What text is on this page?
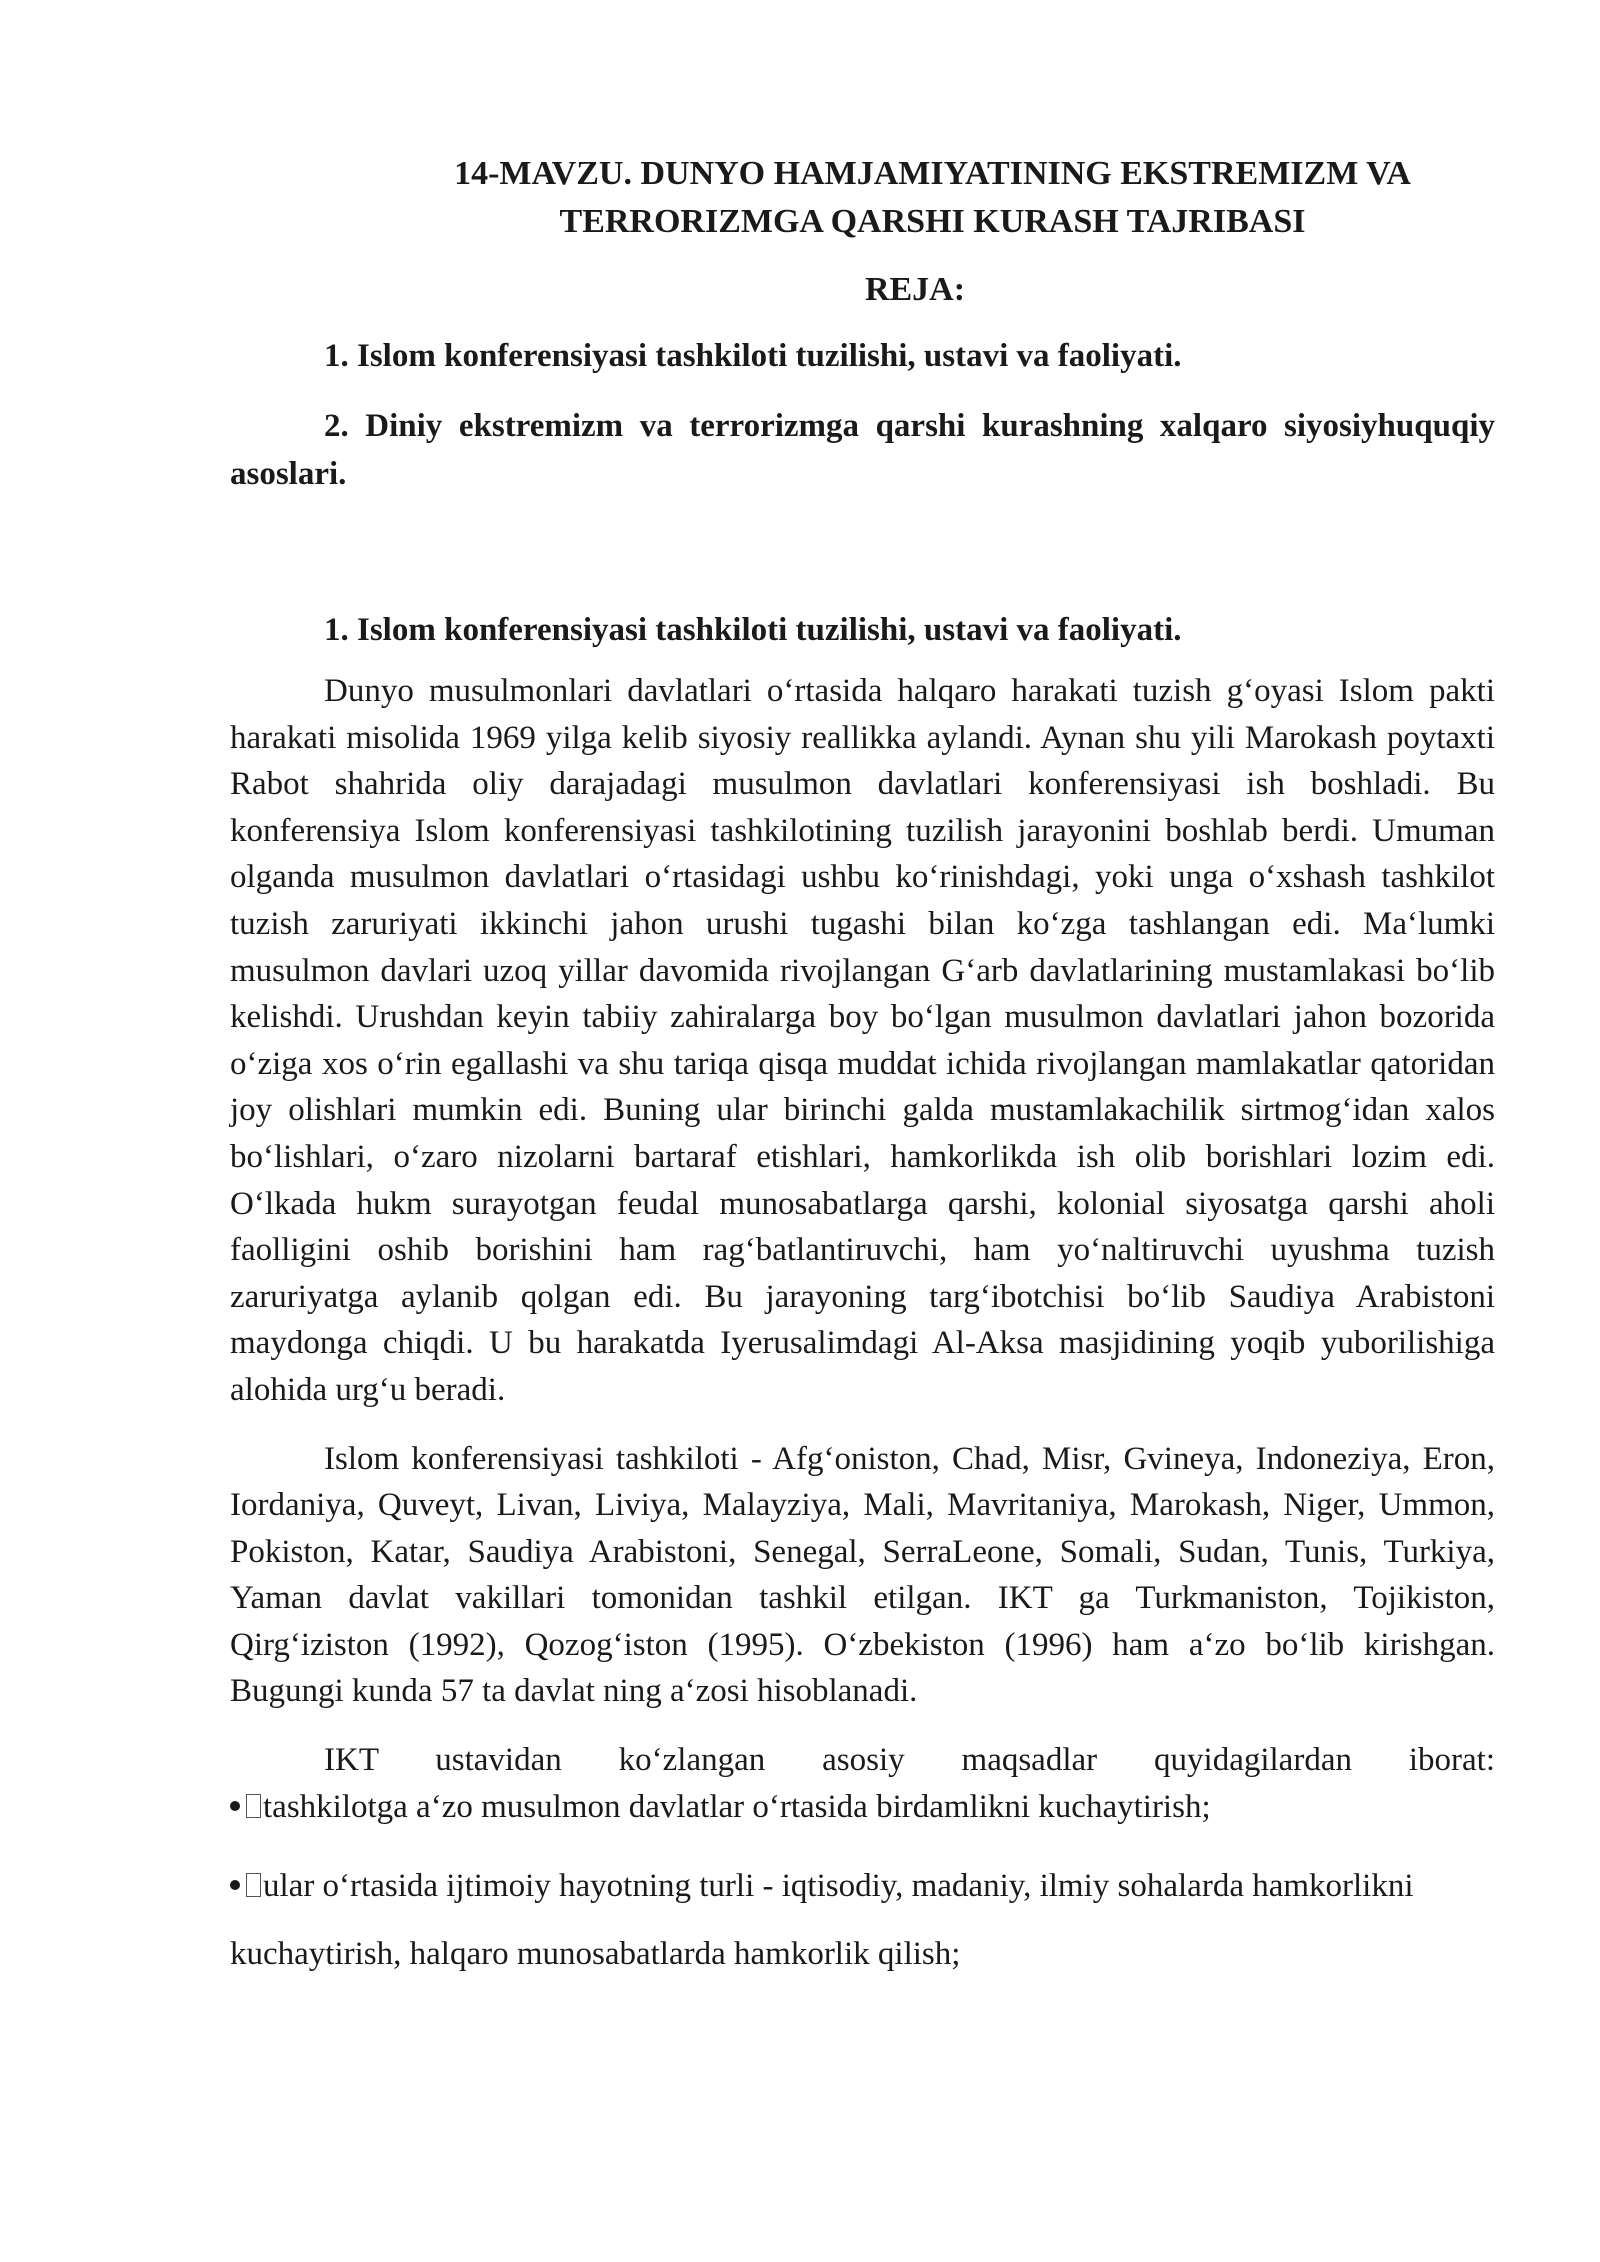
14-MAVZU. DUNYO HAMJAMIYATINING EKSTREMIZM VA
TERRORIZMGA QARSHI KURASH TAJRIBASI
REJA:

1. Islom konferensiyasi tashkiloti tuzilishi, ustavi va faoliyati.

2. Diniy ekstremizm va terrorizmga qarshi kurashning xalqaro siyosiyhuquqiy asoslari.

1. Islom konferensiyasi tashkiloti tuzilishi, ustavi va faoliyati.

Dunyo musulmonlari davlatlari o‘rtasida halqaro harakati tuzish g‘oyasi Islom pakti harakati misolida 1969 yilga kelib siyosiy reallikka aylandi. Aynan shu yili Marokash poytaxti Rabot shahrida oliy darajadagi musulmon davlatlari konferensiyasi ish boshladi. Bu konferensiya Islom konferensiyasi tashkilotining tuzilish jarayonini boshlab berdi. Umuman olganda musulmon davlatlari o‘rtasidagi ushbu ko‘rinishdagi, yoki unga o‘xshash tashkilot tuzish zaruriyati ikkinchi jahon urushi tugashi bilan ko‘zga tashlangan edi. Ma‘lumki musulmon davlari uzoq yillar davomida rivojlangan G‘arb davlatlarining mustamlakasi bo‘lib kelishdi. Urushdan keyin tabiiy zahiralarga boy bo‘lgan musulmon davlatlari jahon bozorida o‘ziga xos o‘rin egallashi va shu tariqa qisqa muddat ichida rivojlangan mamlakatlar qatoridan joy olishlari mumkin edi. Buning ular birinchi galda mustamlakachilik sirtmog‘idan xalos bo‘lishlari, o‘zaro nizolarni bartaraf etishlari, hamkorlikda ish olib borishlari lozim edi. O‘lkada hukm surayotgan feudal munosabatlarga qarshi, kolonial siyosatga qarshi aholi faolligini oshib borishini ham rag‘batlantiruvchi, ham yo‘naltiruvchi uyushma tuzish zaruriyatga aylanib qolgan edi. Bu jarayoning targ‘ibotchisi bo‘lib Saudiya Arabistoni maydonga chiqdi. U bu harakatda Iyerusalimdagi Al-Aksa masjidining yoqib yuborilishiga alohida urg‘u beradi.

Islom konferensiyasi tashkiloti - Afg‘oniston, Chad, Misr, Gvineya, Indoneziya, Eron, Iordaniya, Quveyt, Livan, Liviya, Malayziya, Mali, Mavritaniya, Marokash, Niger, Ummon, Pokiston, Katar, Saudiya Arabistoni, Senegal, SerraLeone, Somali, Sudan, Tunis, Turkiya, Yaman davlat vakillari tomonidan tashkil etilgan. IKT ga Turkmaniston, Tojikiston, Qirg‘iziston (1992), Qozog‘iston (1995). O‘zbekiston (1996) ham a‘zo bo‘lib kirishgan. Bugungi kunda 57 ta davlat ning a‘zosi hisoblanadi.

IKT ustavidan ko‘zlangan asosiy maqsadlar quyidagilardan iborat:

tashkilotga a‘zo musulmon davlatlar o‘rtasida birdamlikni kuchaytirish;

ular o‘rtasida ijtimoiy hayotning turli - iqtisodiy, madaniy, ilmiy sohalarda hamkorlikni kuchaytirish, halqaro munosabatlarda hamkorlik qilish;
